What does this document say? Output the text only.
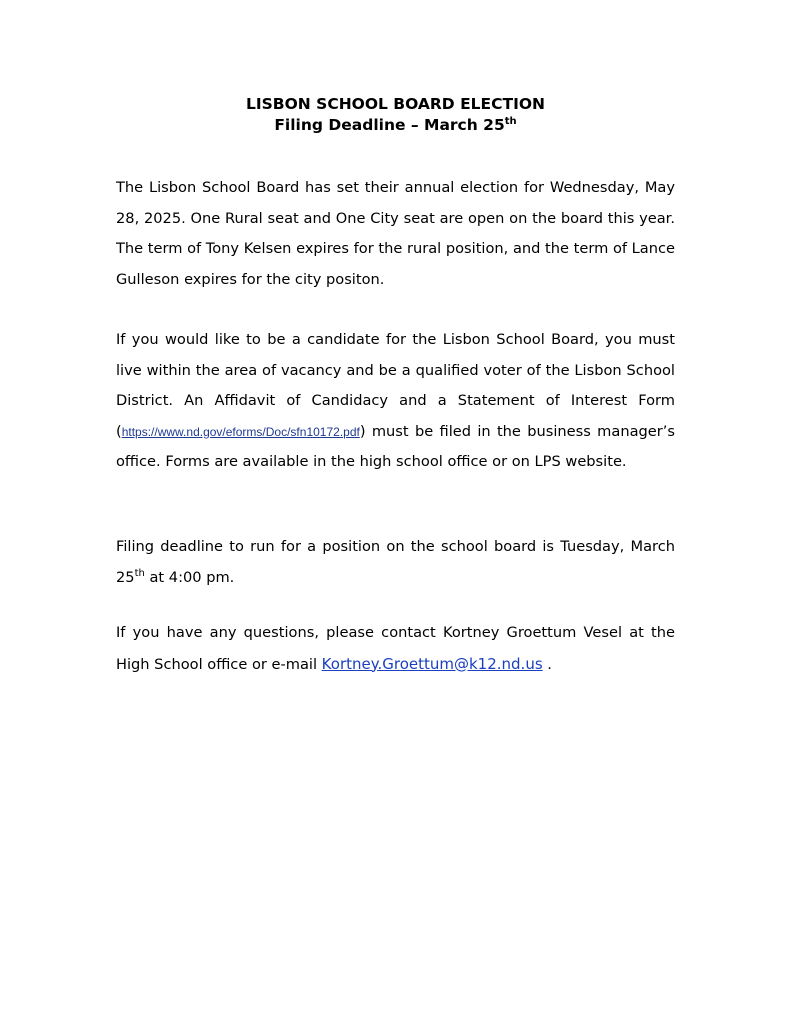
LISBON SCHOOL BOARD ELECTION
Filing Deadline – March 25th

The Lisbon School Board has set their annual election for Wednesday, May 28, 2025. One Rural seat and One City seat are open on the board this year. The term of Tony Kelsen expires for the rural position, and the term of Lance Gulleson expires for the city positon.

If you would like to be a candidate for the Lisbon School Board, you must live within the area of vacancy and be a qualified voter of the Lisbon School District. An Affidavit of Candidacy and a Statement of Interest Form (https://www.nd.gov/eforms/Doc/sfn10172.pdf) must be filed in the business manager’s office. Forms are available in the high school office or on LPS website.

Filing deadline to run for a position on the school board is Tuesday, March 25th at 4:00 pm.

If you have any questions, please contact Kortney Groettum Vesel at the High School office or e-mail Kortney.Groettum@k12.nd.us .
